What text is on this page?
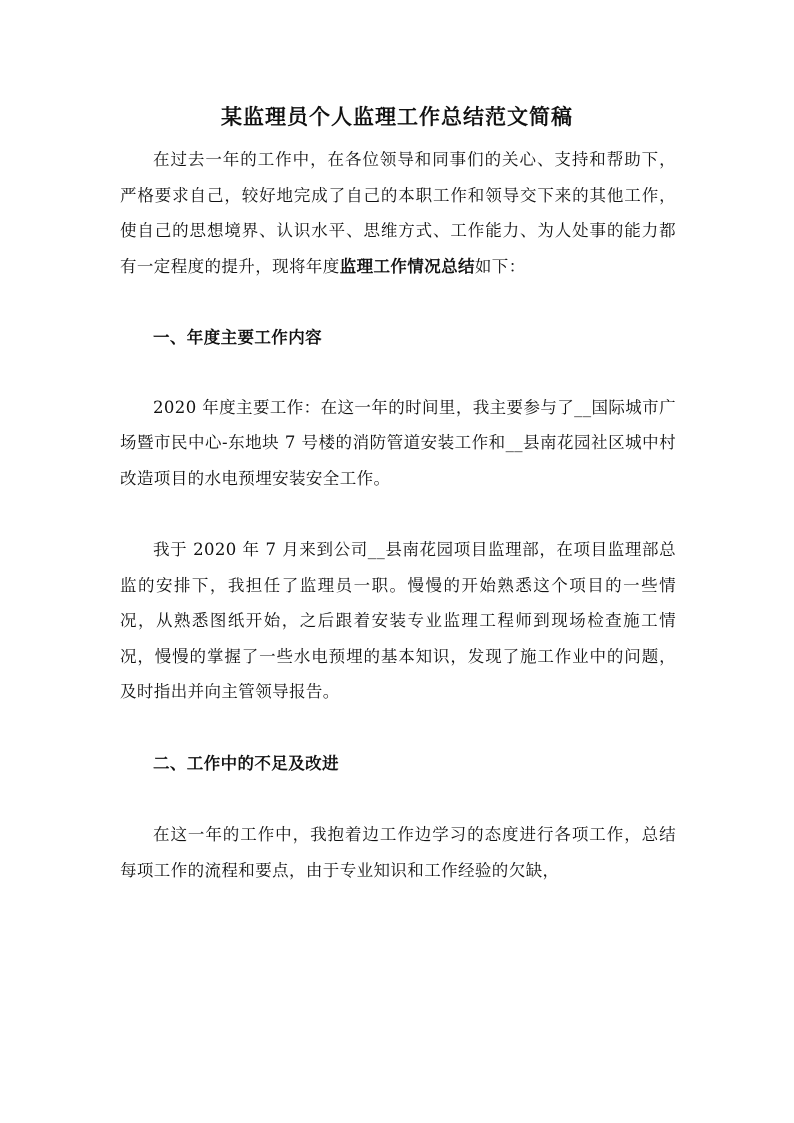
某监理员个人监理工作总结范文简稿

在过去一年的工作中，在各位领导和同事们的关心、支持和帮助下，严格要求自己，较好地完成了自己的本职工作和领导交下来的其他工作，使自己的思想境界、认识水平、思维方式、工作能力、为人处事的能力都有一定程度的提升，现将年度监理工作情况总结如下：

一、年度主要工作内容

2020 年度主要工作：在这一年的时间里，我主要参与了__国际城市广场暨市民中心-东地块 7 号楼的消防管道安装工作和__县南花园社区城中村改造项目的水电预埋安装安全工作。

我于 2020 年 7 月来到公司__县南花园项目监理部，在项目监理部总监的安排下，我担任了监理员一职。慢慢的开始熟悉这个项目的一些情况，从熟悉图纸开始，之后跟着安装专业监理工程师到现场检查施工情况，慢慢的掌握了一些水电预埋的基本知识，发现了施工作业中的问题，及时指出并向主管领导报告。

二、工作中的不足及改进

在这一年的工作中，我抱着边工作边学习的态度进行各项工作，总结每项工作的流程和要点，由于专业知识和工作经验的欠缺，
